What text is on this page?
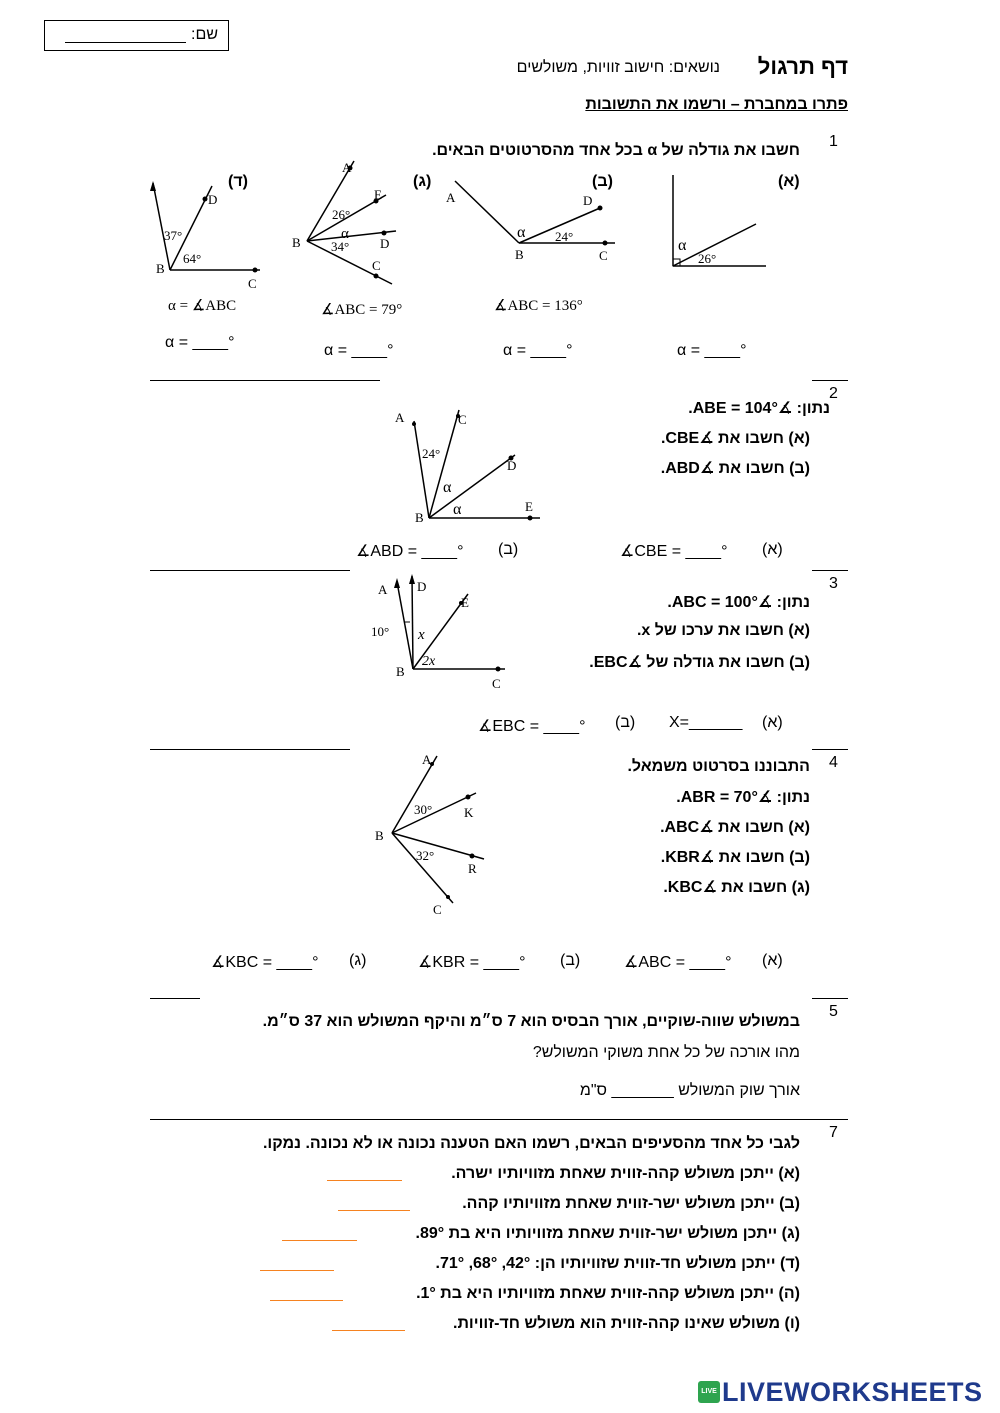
שם:
דף תרגול
נושאים: חישוב זוויות, משולשים
פתרו במחברת – ורשמו את התשובות
1
חשבו את גודלה של α בכל אחד מהסרטוטים הבאים.
(א)
(ב)
(ג)
(ד)
α
26°
A
B	C
D
α 24°
A
E
D
C
B
26°
α
34°
D
B
C
37°
64°
∡ABC = 136°
∡ABC = 79°
α = ∡ABC
α = ____°
α = ____°
α = ____°
α = ____°
2
נתון: ∡ABE = 104°.
(א) חשבו את ∡CBE.
(ב) חשבו את ∡ABD.
A	C
D
E
B
24°
α
α
∡CBE = ____° (א)
∡ABD = ____° (ב)
3
נתון: ∡ABC = 100°.
(א) חשבו את ערכו של x.
(ב) חשבו את גודלה של ∡EBC.
A D
E
C
B
10° x
2x
X=______ (א)
∡EBC = ____° (ב)
4
התבוננו בסרטוט משמאל.
נתון: ∡ABR = 70°.
(א) חשבו את ∡ABC.
(ב) חשבו את ∡KBR.
(ג) חשבו את ∡KBC.
A
K
R
C
B
30°
32°
∡ABC = ____° (א)
∡KBR = ____° (ב)
∡KBC = ____° (ג)
5
במשולש שווה-שוקיים, אורך הבסיס הוא 7 ס״מ והיקף המשולש הוא 37 ס״מ.
מהו אורכה של כל אחת משוקי המשולש?
אורך שוק המשולש _______ ס"מ
7
לגבי כל אחד מהסעיפים הבאים, רשמו האם הטענה נכונה או לא נכונה. נמקו.
(א) ייתכן משולש קהה-זווית שאחת מזוויותיו ישרה.
(ב) ייתכן משולש ישר-זווית שאחת מזוויותיו קהה.
(ג) ייתכן משולש ישר-זווית שאחת מזוויותיו היא בת 89°.
(ד) ייתכן משולש חד-זווית שזוויותיו הן: 42°, 68°, 71°.
(ה) ייתכן משולש קהה-זווית שאחת מזוויותיו היא בת 1°.
(ו) משולש שאינו קהה-זווית הוא משולש חד-זוויות.
LIVE LIVEWORKSHEETS
